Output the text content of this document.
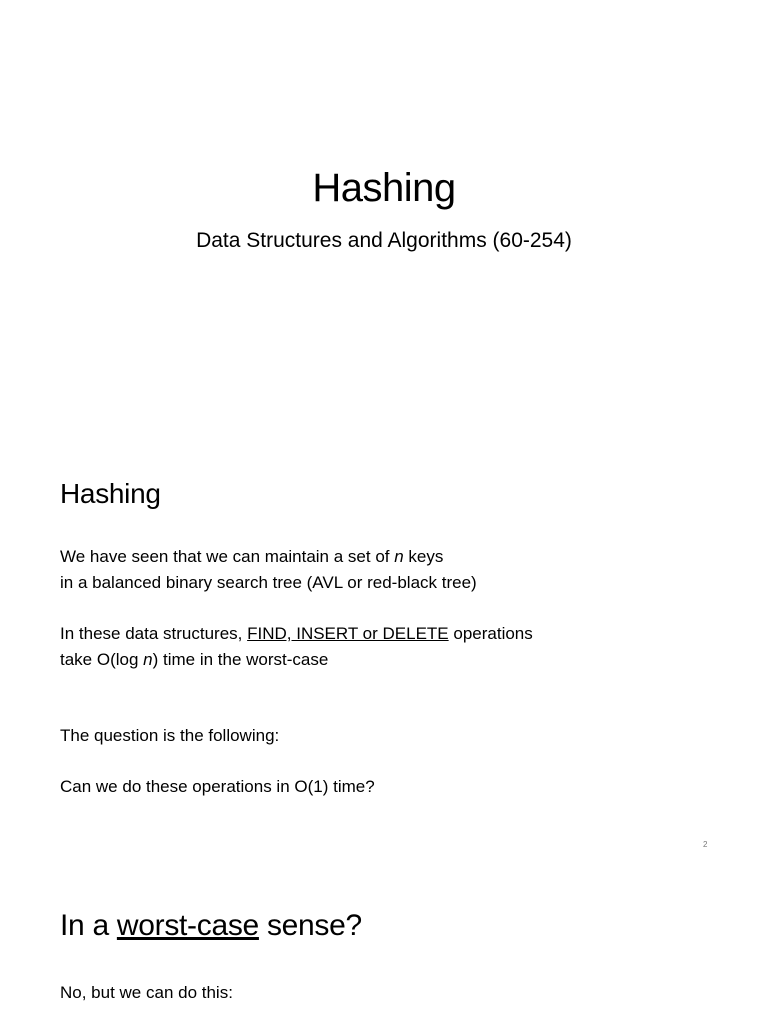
Hashing
Data Structures and Algorithms (60-254)
Hashing
We have seen that we can maintain a set of n keys
in a balanced binary search tree (AVL or red-black tree)
In these data structures, FIND, INSERT or DELETE operations
take O(log n) time in the worst-case
The question is the following:
Can we do these operations in O(1) time?
2
In a worst-case sense?
No, but we can do this:
